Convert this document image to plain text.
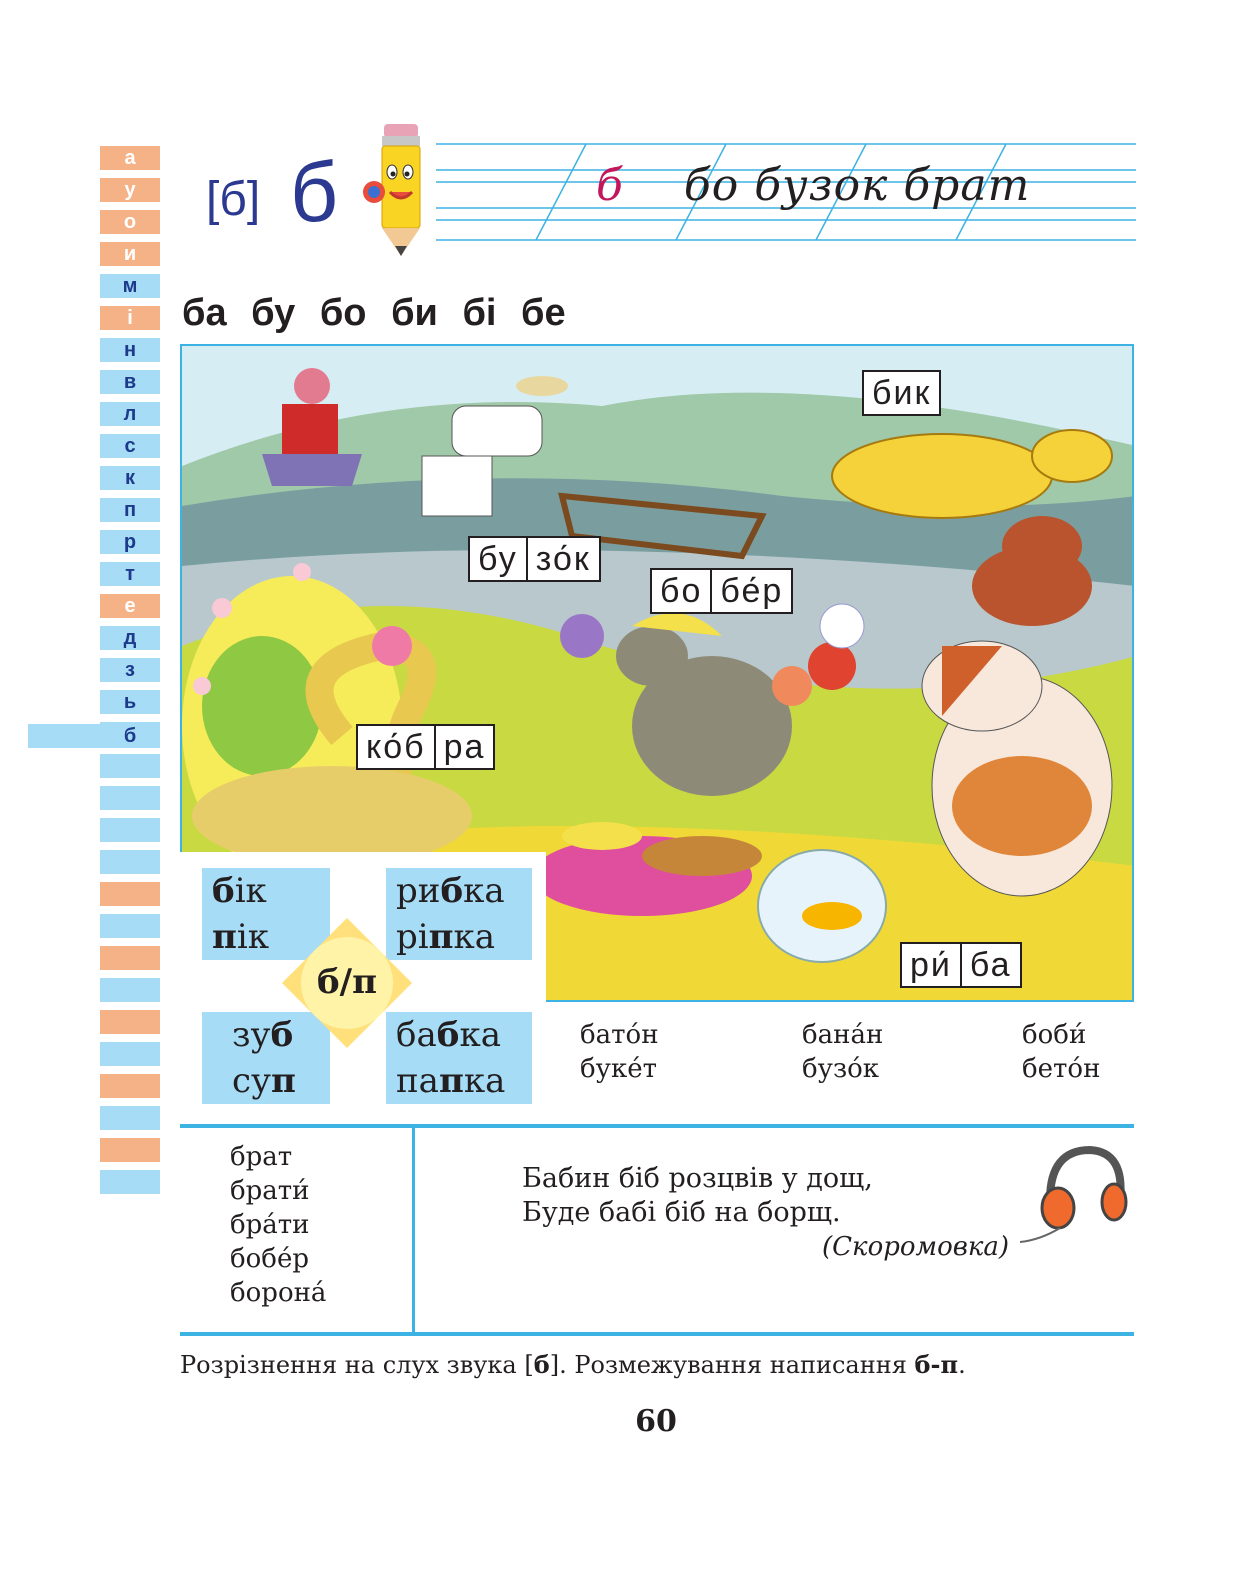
а
у
о
и
м
і
н
в
л
с
к
п
р
т
е
д
з
ь
б
[б] б	б бо бузок брат
ба бу бо би бі бе
бик
бу зо́к
бо бе́р
ко́б ра
ри́ ба
бік
пік
рибка
ріпка
зуб
суп
бабка
папка
б/п
бато́н
буке́т
бана́н
бузо́к
боби́
бето́н
брат
брати́
бра́ти
бобе́р
борона́
Бабин біб розцвів у дощ,
Буде бабі біб на борщ.
(Скоромовка)
Розрізнення на слух звука [б]. Розмежування написання б-п.
60
